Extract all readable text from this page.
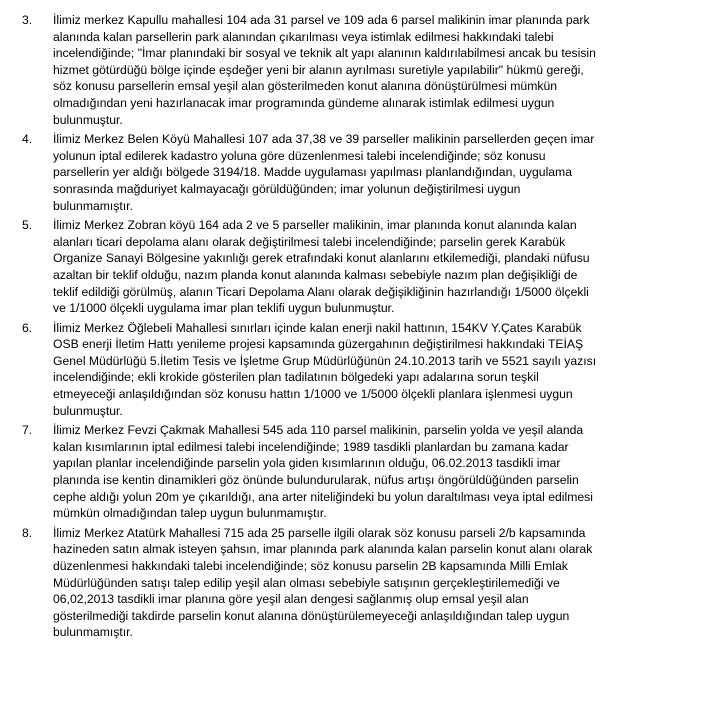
3. İlimiz merkez Kapullu mahallesi 104 ada 31 parsel ve 109 ada 6 parsel malikinin imar planında park
alanında kalan parsellerin park alanından çıkarılması veya istimlak edilmesi hakkındaki talebi
incelendiğinde; "İmar planındaki bir sosyal ve teknik alt yapı alanının kaldırılabilmesi ancak bu tesisin
hizmet götürdüğü bölge içinde eşdeğer yeni bir alanın ayrılması suretiyle yapılabilir" hükmü gereği,
söz konusu parsellerin emsal yeşil alan gösterilmeden konut alanına dönüştürülmesi mümkün
olmadığından yeni hazırlanacak imar programında gündeme alınarak istimlak edilmesi uygun
bulunmuştur.
4. İlimiz Merkez Belen Köyü Mahallesi 107 ada 37,38 ve 39 parseller malikinin parsellerden geçen imar
yolunun iptal edilerek kadastro yoluna göre düzenlenmesi talebi incelendiğinde; söz konusu
parsellerin yer aldığı bölgede 3194/18. Madde uygulaması yapılması planlandığından, uygulama
sonrasında mağduriyet kalmayacağı görüldüğünden; imar yolunun değiştirilmesi uygun
bulunmamıştır.
5. İlimiz Merkez Zobran köyü 164 ada 2 ve 5 parseller malikinin, imar planında konut alanında kalan
alanları ticari depolama alanı olarak değiştirilmesi talebi incelendiğinde; parselin gerek Karabük
Organize Sanayi Bölgesine yakınlığı gerek etrafındaki konut alanlarını etkilemediği, plandaki nüfusu
azaltan bir teklif olduğu, nazım planda konut alanında kalması sebebiyle nazım plan değişikliği de
teklif edildiği görülmüş, alanın Ticari Depolama Alanı olarak değişikliğinin hazırlandığı 1/5000 ölçekli
ve 1/1000 ölçekli uygulama imar plan teklifi uygun bulunmuştur.
6. İlimiz Merkez Öğlebeli Mahallesi sınırları içinde kalan enerji nakil hattının, 154KV Y.Çates Karabük
OSB enerji İletim Hattı yenileme projesi kapsamında güzergahının değiştirilmesi hakkındaki TEİAŞ
Genel Müdürlüğü 5.İletim Tesis ve İşletme Grup Müdürlüğünün 24.10.2013 tarih ve 5521 sayılı yazısı
incelendiğinde; ekli krokide gösterilen plan tadilatının bölgedeki yapı adalarına sorun teşkil
etmeyeceği anlaşıldığından söz konusu hattın 1/1000 ve 1/5000 ölçekli planlara işlenmesi uygun
bulunmuştur.
7. İlimiz Merkez Fevzi Çakmak Mahallesi 545 ada 110 parsel malikinin, parselin yolda ve yeşil alanda
kalan kısımlarının iptal edilmesi talebi incelendiğinde; 1989 tasdikli planlardan bu zamana kadar
yapılan planlar incelendiğinde parselin yola giden kısımlarının olduğu, 06.02.2013 tasdikli imar
planında ise kentin dinamikleri göz önünde bulundurularak, nüfus artışı öngörüldüğünden parselin
cephe aldığı yolun 20m ye çıkarıldığı, ana arter niteliğindeki bu yolun daraltılması veya iptal edilmesi
mümkün olmadığından talep uygun bulunmamıştır.
8. İlimiz Merkez Atatürk Mahallesi 715 ada 25 parselle ilgili olarak söz konusu parseli 2/b kapsamında
hazineden satın almak isteyen şahsın, imar planında park alanında kalan parselin konut alanı olarak
düzenlenmesi hakkındaki talebi incelendiğinde; söz konusu parselin 2B kapsamında Milli Emlak
Müdürlüğünden satışı talep edilip yeşil alan olması sebebiyle satışının gerçekleştirilemediği ve
06,02,2013 tasdikli imar planına göre yeşil alan dengesi sağlanmış olup emsal yeşil alan
gösterilmediği takdirde parselin konut alanına dönüştürülemeyeceği anlaşıldığından talep uygun
bulunmamıştır.
